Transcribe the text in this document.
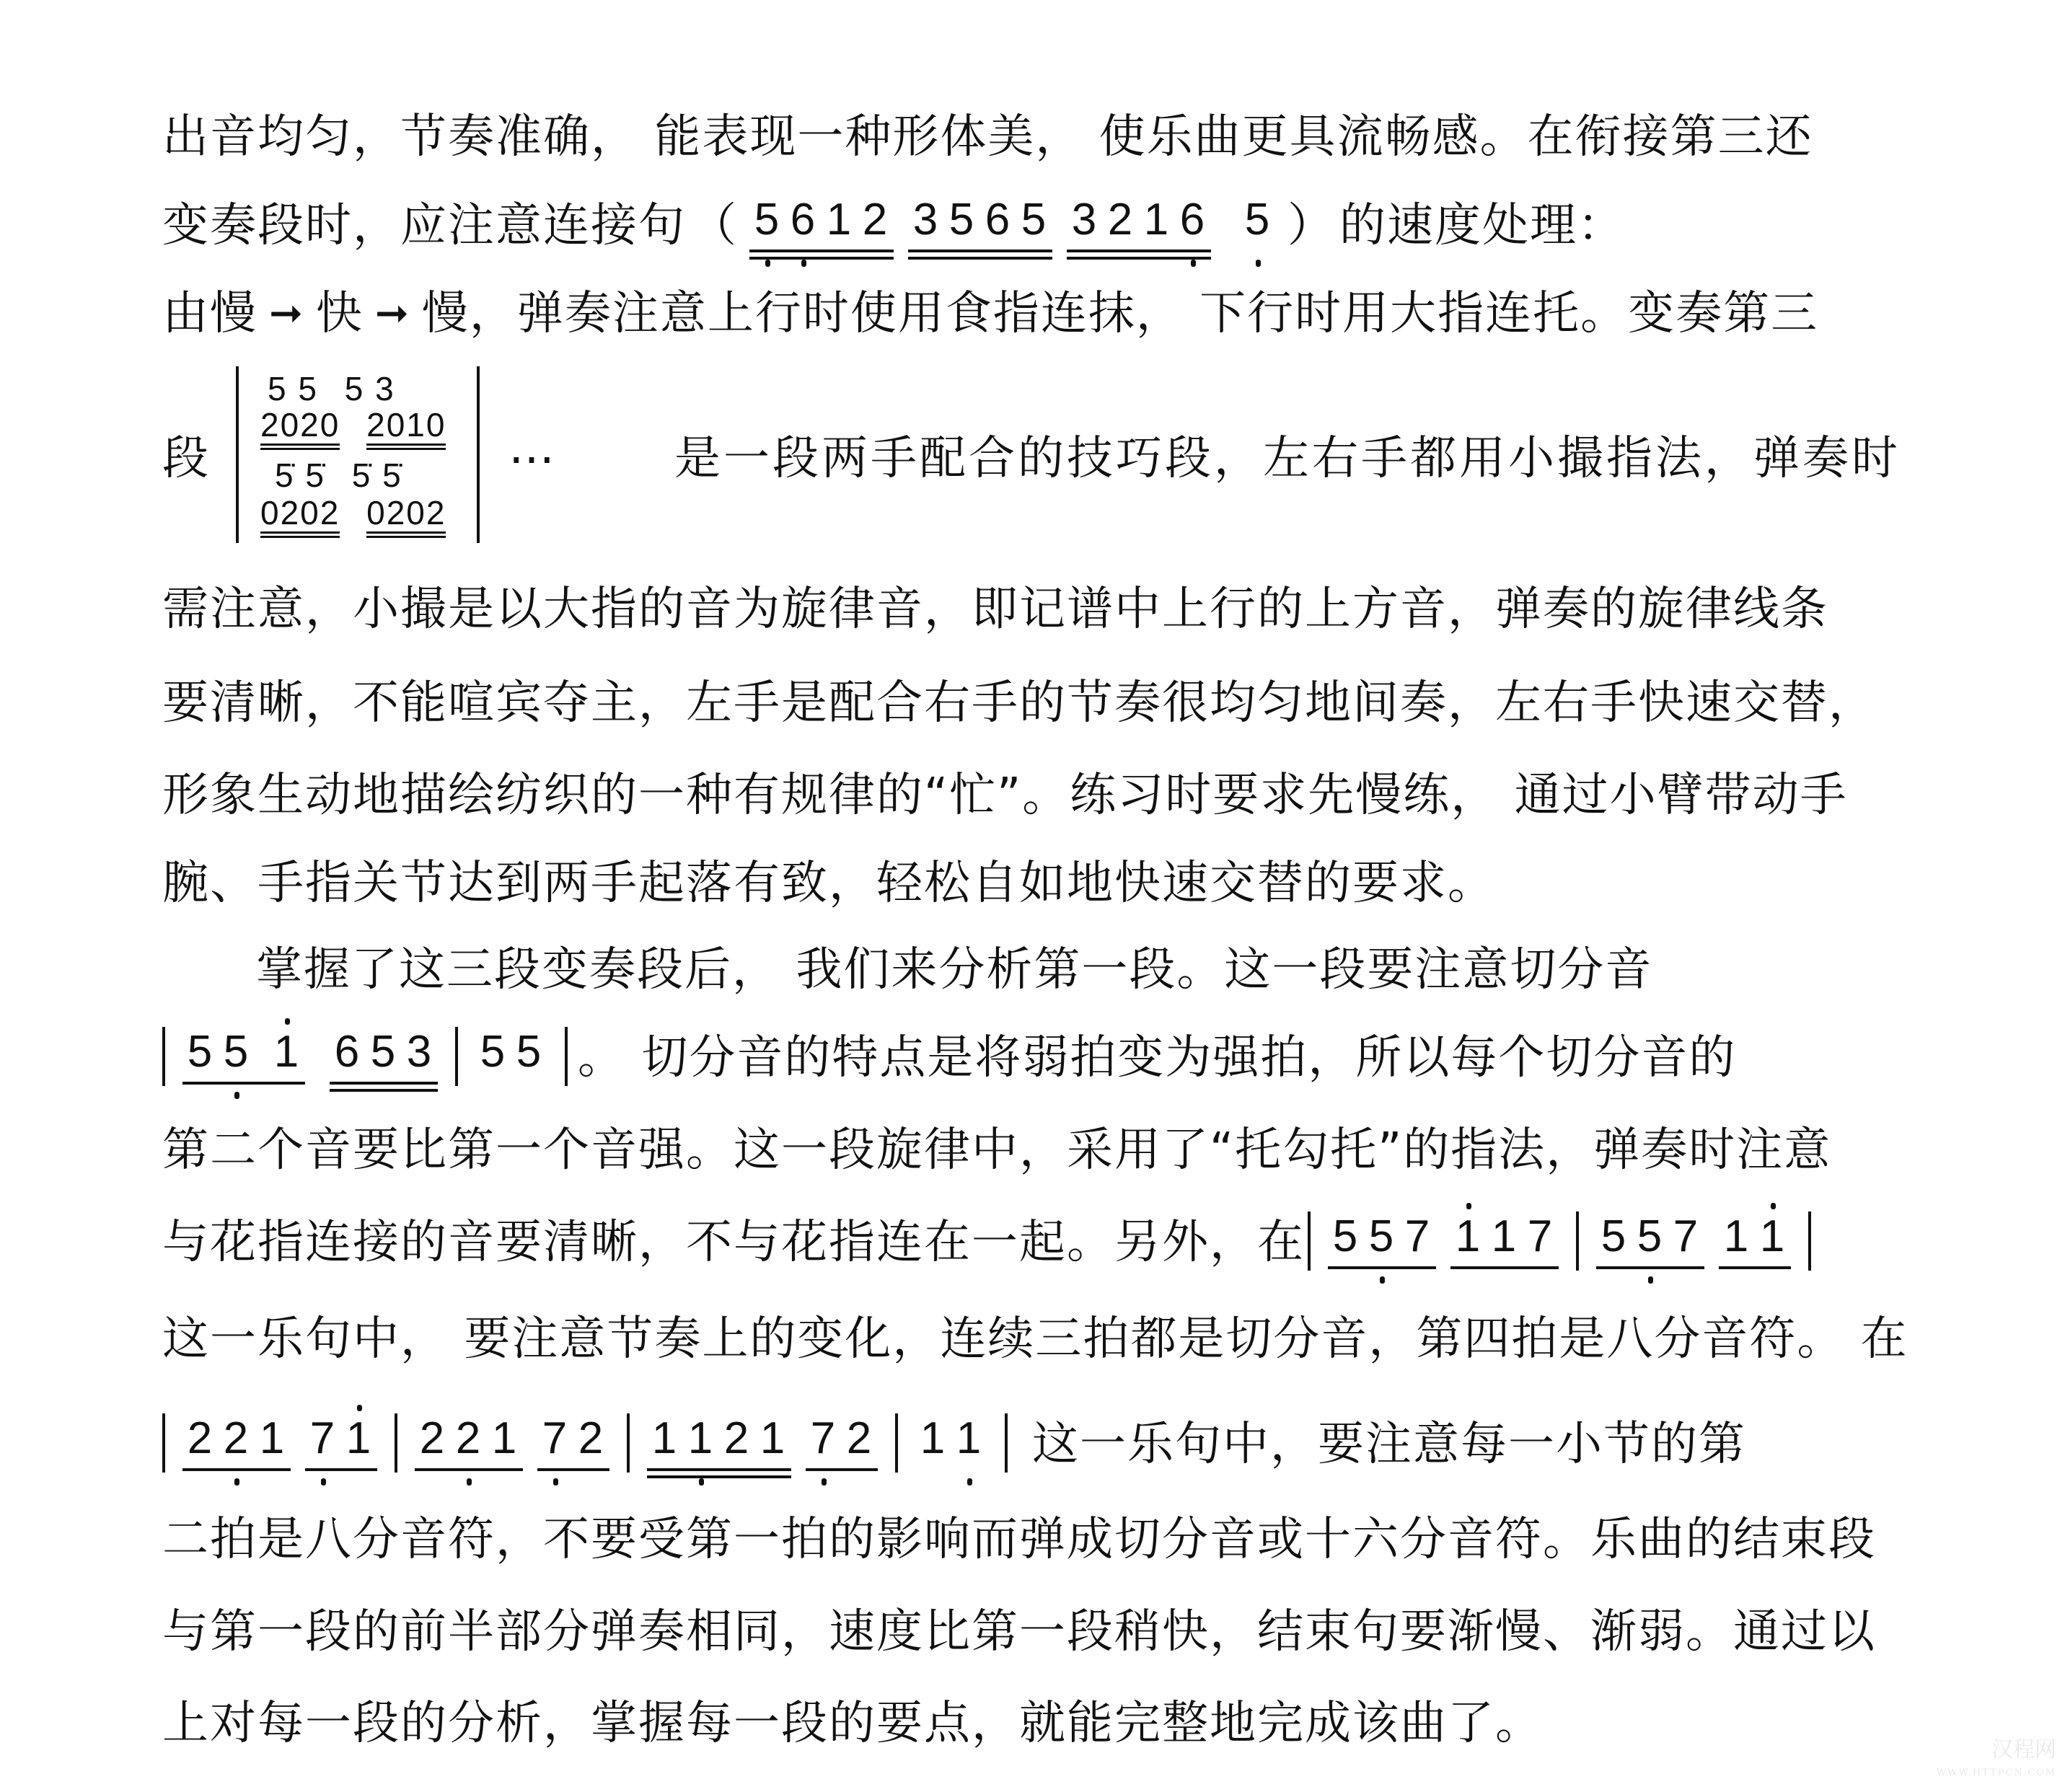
出音均匀，节奏准确， 能表现一种形体美， 使乐曲更具流畅感。在衔接第三还
变奏段时，应注意连接句 （ 5 6 1 2 3 5 6 5 3 2 1 6 5 ） 的速度处理：
由慢 ➞ 快 ➞ 慢，弹奏注意上行时使用食指连抹， 下行时用大指连托。变奏第三
段
5 5 5 3
2020 2010
5̇ 5̇ 5̇ 5̇
0202 0202
…	是一段两手配合的技巧段，左右手都用小撮指法，弹奏时
需注意，小撮是以大指的音为旋律音，即记谱中上行的上方音，弹奏的旋律线条
要清晰，不能喧宾夺主，左手是配合右手的节奏很均匀地间奏，左右手快速交替，
形象生动地描绘纺织的一种有规律的“忙”。练习时要求先慢练， 通过小臂带动手
腕、手指关节达到两手起落有致，轻松自如地快速交替的要求。
掌握了这三段变奏段后， 我们来分析第一段。这一段要注意切分音
5 5 1 6 5 3 5 5 。 切分音的特点是将弱拍变为强拍，所以每个切分音的
第二个音要比第一个音强。这一段旋律中，采用了“托勾托”的指法，弹奏时注意
与花指连接的音要清晰，不与花指连在一起。另外，在 5 5 7 1 1 7 5 5 7 1 1
这一乐句中， 要注意节奏上的变化，连续三拍都是切分音，第四拍是八分音符。 在
2 2 1 7 1 2 2 1 7 2 1 1 2 1 7 2 1 1 这一乐句中，要注意每一小节的第
二拍是八分音符，不要受第一拍的影响而弹成切分音或十六分音符。乐曲的结束段
与第一段的前半部分弹奏相同，速度比第一段稍快，结束句要渐慢、渐弱。通过以
上对每一段的分析，掌握每一段的要点，就能完整地完成该曲了。	汉程网
WWW.HTTPCN.COM
